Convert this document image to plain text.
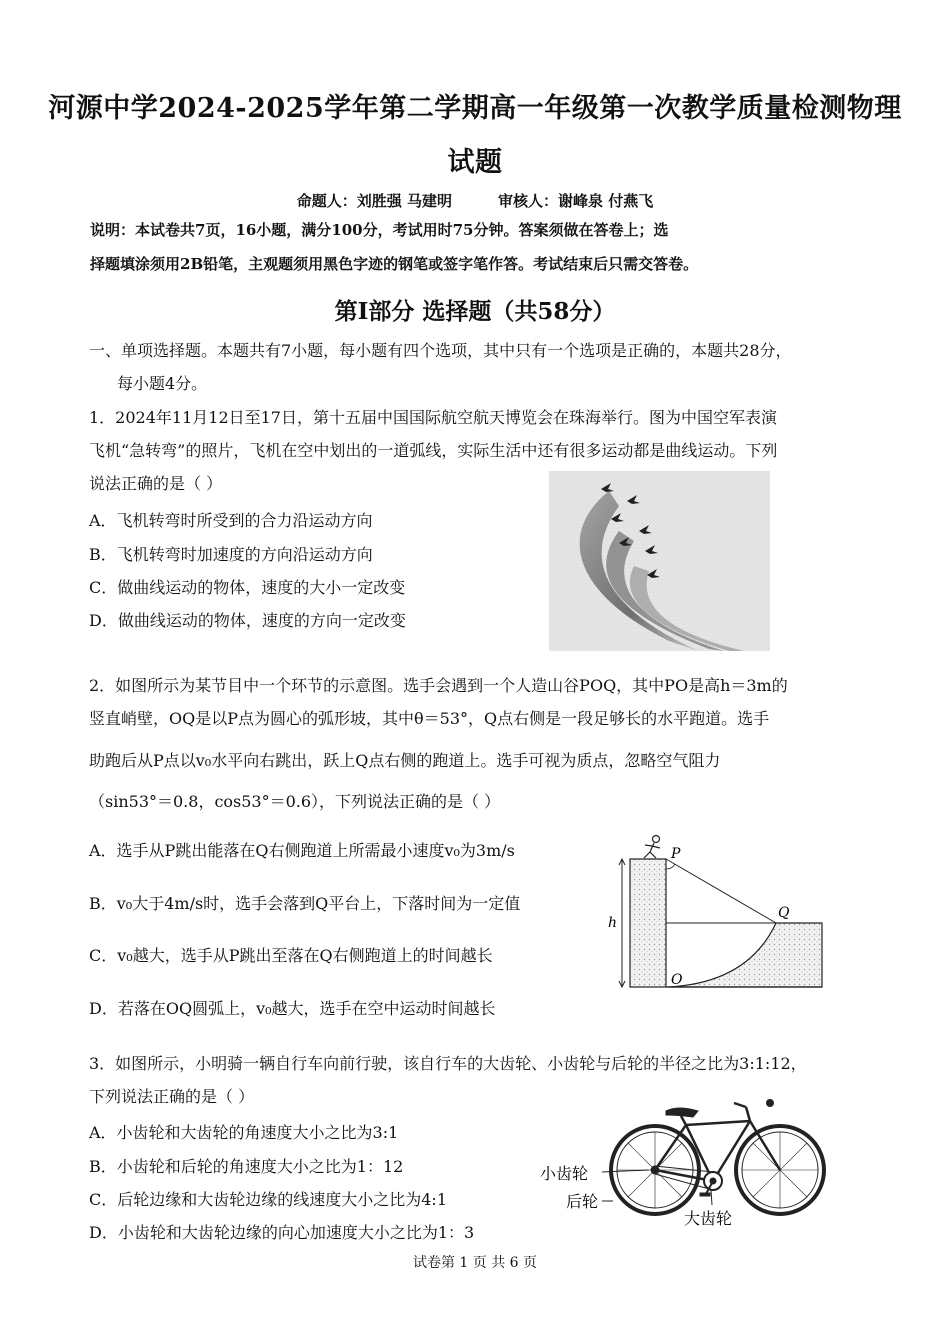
河源中学2024-2025学年第二学期高一年级第一次教学质量检测物理
试题
命题人：刘胜强 马建明	审核人：谢峰泉 付燕飞
说明：本试卷共7页，16小题，满分100分，考试用时75分钟。答案须做在答卷上；选
择题填涂须用2B铅笔，主观题须用黑色字迹的钢笔或签字笔作答。考试结束后只需交答卷。
第Ⅰ部分 选择题（共58分）
一、单项选择题。本题共有7小题，每小题有四个选项，其中只有一个选项是正确的，本题共28分，
每小题4分。
1．2024年11月12日至17日，第十五届中国国际航空航天博览会在珠海举行。图为中国空军表演
飞机“急转弯”的照片，飞机在空中划出的一道弧线，实际生活中还有很多运动都是曲线运动。下列
说法正确的是（ ）
A．飞机转弯时所受到的合力沿运动方向
B．飞机转弯时加速度的方向沿运动方向
C．做曲线运动的物体，速度的大小一定改变
D．做曲线运动的物体，速度的方向一定改变
2．如图所示为某节目中一个环节的示意图。选手会遇到一个人造山谷POQ，其中PO是高h＝3m的
竖直峭壁，OQ是以P点为圆心的弧形坡，其中θ＝53°，Q点右侧是一段足够长的水平跑道。选手
助跑后从P点以v₀水平向右跳出，跃上Q点右侧的跑道上。选手可视为质点，忽略空气阻力
（sin53°＝0.8，cos53°＝0.6），下列说法正确的是（ ）
A．选手从P跳出能落在Q右侧跑道上所需最小速度v₀为3m/s
B．v₀大于4m/s时，选手会落到Q平台上，下落时间为一定值
C．v₀越大，选手从P跳出至落在Q右侧跑道上的时间越长
D．若落在OQ圆弧上，v₀越大，选手在空中运动时间越长
P
Q
O
h
3．如图所示，小明骑一辆自行车向前行驶，该自行车的大齿轮、小齿轮与后轮的半径之比为3:1:12，
下列说法正确的是（ ）
A．小齿轮和大齿轮的角速度大小之比为3:1
B．小齿轮和后轮的角速度大小之比为1：12
C．后轮边缘和大齿轮边缘的线速度大小之比为4:1
D．小齿轮和大齿轮边缘的向心加速度大小之比为1：3
小齿轮
后轮
大齿轮
试卷第 1 页 共 6 页
